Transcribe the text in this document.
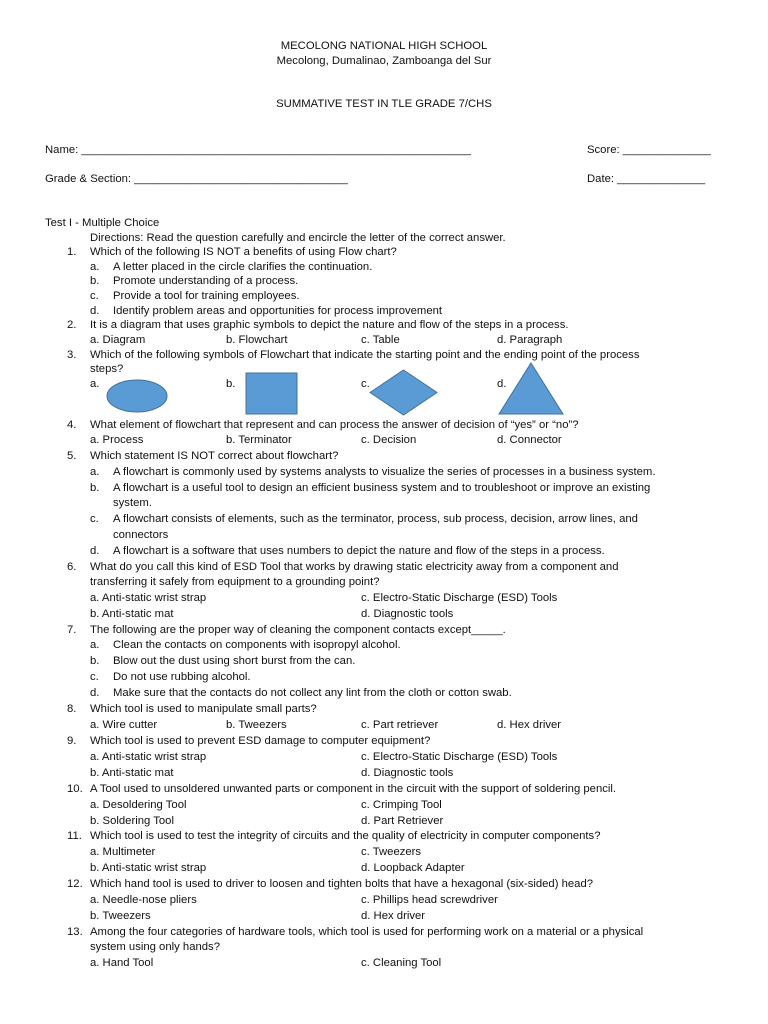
MECOLONG NATIONAL HIGH SCHOOL
Mecolong, Dumalinao, Zamboanga del Sur
SUMMATIVE TEST IN TLE GRADE 7/CHS
Name: ______________________________________________________________	Score: ______________
Grade & Section: __________________________________	Date: ______________
Test I - Multiple Choice
Directions: Read the question carefully and encircle the letter of the correct answer.
1. Which of the following IS NOT a benefits of using Flow chart?
a. A letter placed in the circle clarifies the continuation.
b. Promote understanding of a process.
c. Provide a tool for training employees.
d. Identify problem areas and opportunities for process improvement
2. It is a diagram that uses graphic symbols to depict the nature and flow of the steps in a process.
a. Diagram	b. Flowchart	c. Table	d. Paragraph
3. Which of the following symbols of Flowchart that indicate the starting point and the ending point of the process
steps?
a.	b.	c.	d.
4. What element of flowchart that represent and can process the answer of decision of “yes” or “no”?
a. Process	b. Terminator	c. Decision	d. Connector
5. Which statement IS NOT correct about flowchart?
a. A flowchart is commonly used by systems analysts to visualize the series of processes in a business system.
b. A flowchart is a useful tool to design an efficient business system and to troubleshoot or improve an existing
system.
c. A flowchart consists of elements, such as the terminator, process, sub process, decision, arrow lines, and
connectors
d. A flowchart is a software that uses numbers to depict the nature and flow of the steps in a process.
6. What do you call this kind of ESD Tool that works by drawing static electricity away from a component and
transferring it safely from equipment to a grounding point?
a. Anti-static wrist strap	c. Electro-Static Discharge (ESD) Tools
b. Anti-static mat	d. Diagnostic tools
7. The following are the proper way of cleaning the component contacts except_____.
a. Clean the contacts on components with isopropyl alcohol.
b. Blow out the dust using short burst from the can.
c. Do not use rubbing alcohol.
d. Make sure that the contacts do not collect any lint from the cloth or cotton swab.
8. Which tool is used to manipulate small parts?
a. Wire cutter	b. Tweezers	c. Part retriever	d. Hex driver
9. Which tool is used to prevent ESD damage to computer equipment?
a. Anti-static wrist strap	c. Electro-Static Discharge (ESD) Tools
b. Anti-static mat	d. Diagnostic tools
10. A Tool used to unsoldered unwanted parts or component in the circuit with the support of soldering pencil.
a. Desoldering Tool	c. Crimping Tool
b. Soldering Tool	d. Part Retriever
11. Which tool is used to test the integrity of circuits and the quality of electricity in computer components?
a. Multimeter	c. Tweezers
b. Anti-static wrist strap	d. Loopback Adapter
12. Which hand tool is used to driver to loosen and tighten bolts that have a hexagonal (six-sided) head?
a. Needle-nose pliers	c. Phillips head screwdriver
b. Tweezers	d. Hex driver
13. Among the four categories of hardware tools, which tool is used for performing work on a material or a physical
system using only hands?
a. Hand Tool	c. Cleaning Tool
